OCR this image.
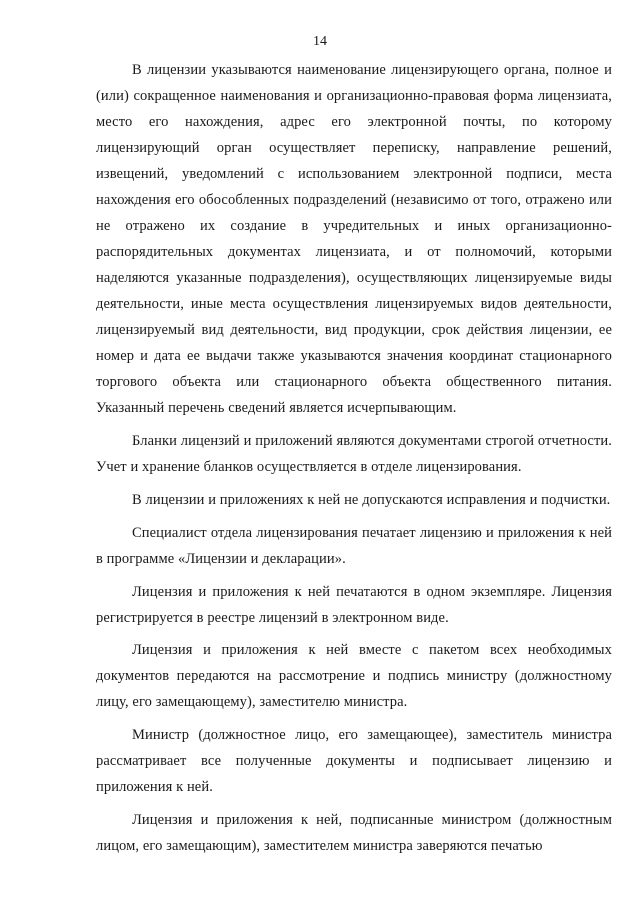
14

В лицензии указываются наименование лицензирующего органа, полное и (или) сокращенное наименования и организационно-правовая форма лицензиата, место его нахождения, адрес его электронной почты, по которому лицензирующий орган осуществляет переписку, направление решений, извещений, уведомлений с использованием электронной подписи, места нахождения его обособленных подразделений (независимо от того, отражено или не отражено их создание в учредительных и иных организационно-распорядительных документах лицензиата, и от полномочий, которыми наделяются указанные подразделения), осуществляющих лицензируемые виды деятельности, иные места осуществления лицензируемых видов деятельности, лицензируемый вид деятельности, вид продукции, срок действия лицензии, ее номер и дата ее выдачи также указываются значения координат стационарного торгового объекта или стационарного объекта общественного питания. Указанный перечень сведений является исчерпывающим.

Бланки лицензий и приложений являются документами строгой отчетности. Учет и хранение бланков осуществляется в отделе лицензирования.

В лицензии и приложениях к ней не допускаются исправления и подчистки.

Специалист отдела лицензирования печатает лицензию и приложения к ней в программе «Лицензии и декларации».

Лицензия и приложения к ней печатаются в одном экземпляре. Лицензия регистрируется в реестре лицензий в электронном виде.

Лицензия и приложения к ней вместе с пакетом всех необходимых документов передаются на рассмотрение и подпись министру (должностному лицу, его замещающему), заместителю министра.

Министр (должностное лицо, его замещающее), заместитель министра рассматривает все полученные документы и подписывает лицензию и приложения к ней.

Лицензия и приложения к ней, подписанные министром (должностным лицом, его замещающим), заместителем министра заверяются печатью
